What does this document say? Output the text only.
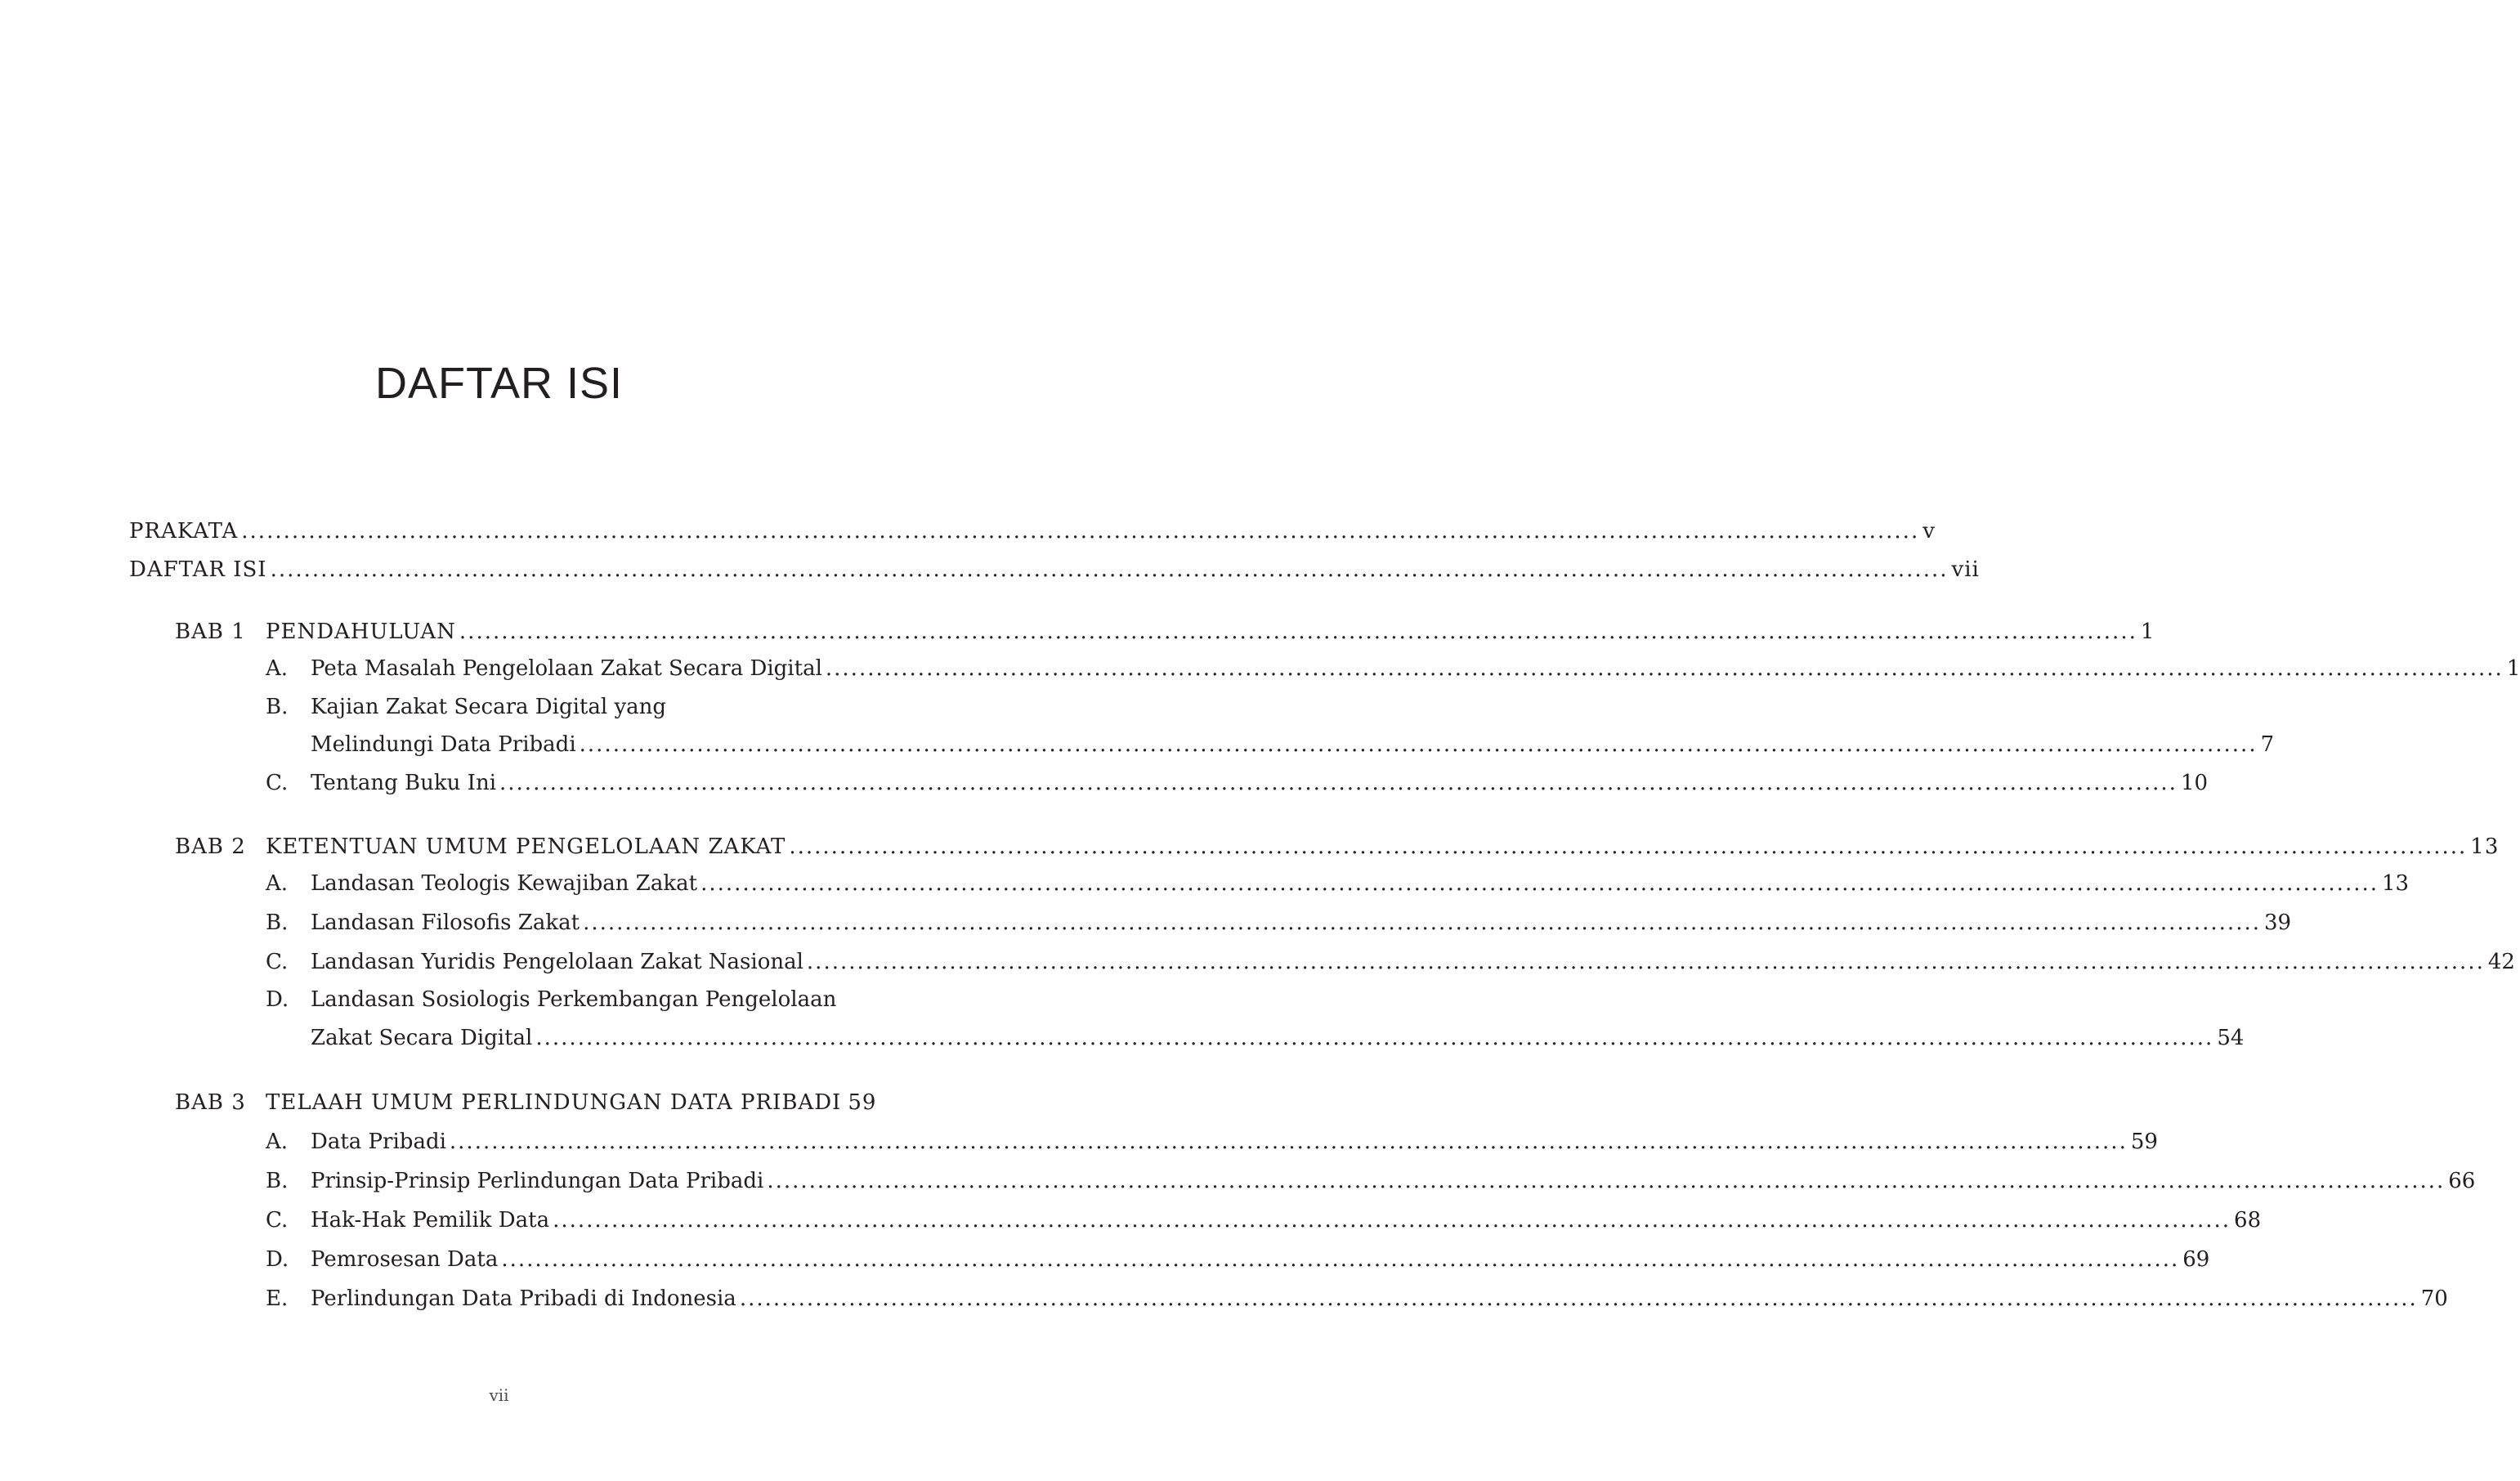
DAFTAR ISI
PRAKATA .....	v
DAFTAR ISI .....	vii
BAB 1 PENDAHULUAN .....	1
A. Peta Masalah Pengelolaan Zakat Secara Digital .....	1
B. Kajian Zakat Secara Digital yang
Melindungi Data Pribadi .....	7
C. Tentang Buku Ini .....	10
BAB 2 KETENTUAN UMUM PENGELOLAAN ZAKAT .....	13
A. Landasan Teologis Kewajiban Zakat .....	13
B. Landasan Filosofis Zakat .....	39
C. Landasan Yuridis Pengelolaan Zakat Nasional .....	42
D. Landasan Sosiologis Perkembangan Pengelolaan
Zakat Secara Digital .....	54
BAB 3 TELAAH UMUM PERLINDUNGAN DATA PRIBADI 59
A. Data Pribadi .....	59
B. Prinsip-Prinsip Perlindungan Data Pribadi .....	66
C. Hak-Hak Pemilik Data .....	68
D. Pemrosesan Data .....	69
E. Perlindungan Data Pribadi di Indonesia .....	70
vii
